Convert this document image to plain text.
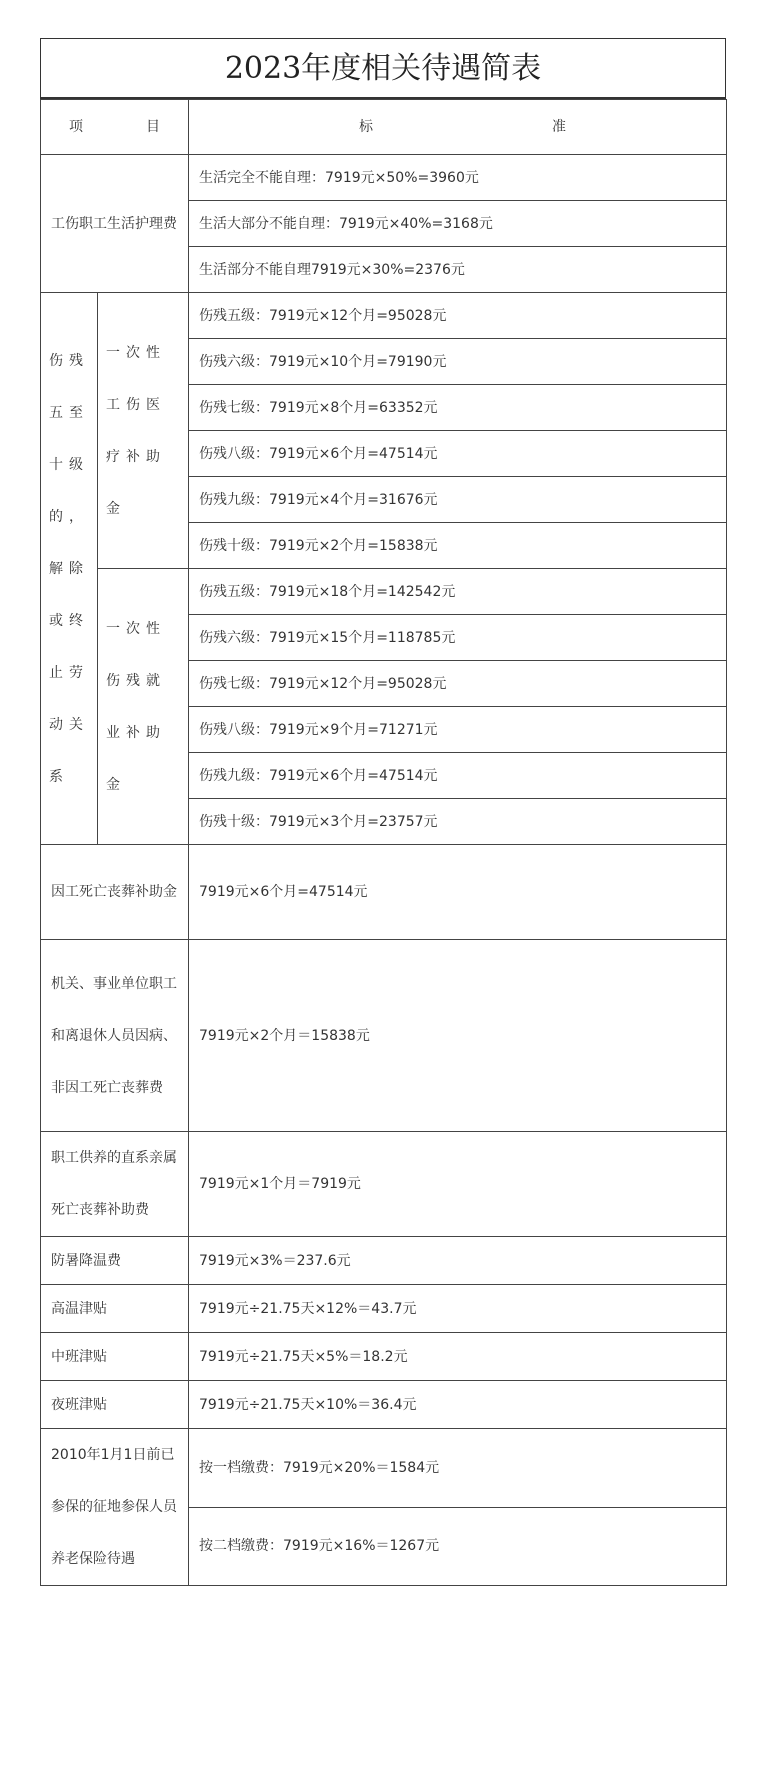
2023年度相关待遇简表
项 目		标 准
工伤职工生活护理费		生活完全不能自理：7919元×50%=3960元
		生活大部分不能自理：7919元×40%=3168元
		生活部分不能自理7919元×30%=2376元
伤残五至十级的，解除或终止劳动关系	一次性工伤医疗补助金	伤残五级：7919元×12个月=95028元
		伤残六级：7919元×10个月=79190元
		伤残七级：7919元×8个月=63352元
		伤残八级：7919元×6个月=47514元
		伤残九级：7919元×4个月=31676元
		伤残十级：7919元×2个月=15838元
	一次性伤残就业补助金	伤残五级：7919元×18个月=142542元
		伤残六级：7919元×15个月=118785元
		伤残七级：7919元×12个月=95028元
		伤残八级：7919元×9个月=71271元
		伤残九级：7919元×6个月=47514元
		伤残十级：7919元×3个月=23757元
因工死亡丧葬补助金		7919元×6个月=47514元
机关、事业单位职工和离退休人员因病、非因工死亡丧葬费		7919元×2个月＝15838元
职工供养的直系亲属死亡丧葬补助费		7919元×1个月＝7919元
防暑降温费		7919元×3%＝237.6元
高温津贴		7919元÷21.75天×12%＝43.7元
中班津贴		7919元÷21.75天×5%＝18.2元
夜班津贴		7919元÷21.75天×10%＝36.4元
2010年1月1日前已参保的征地参保人员养老保险待遇		按一档缴费：7919元×20%＝1584元
		按二档缴费：7919元×16%＝1267元
